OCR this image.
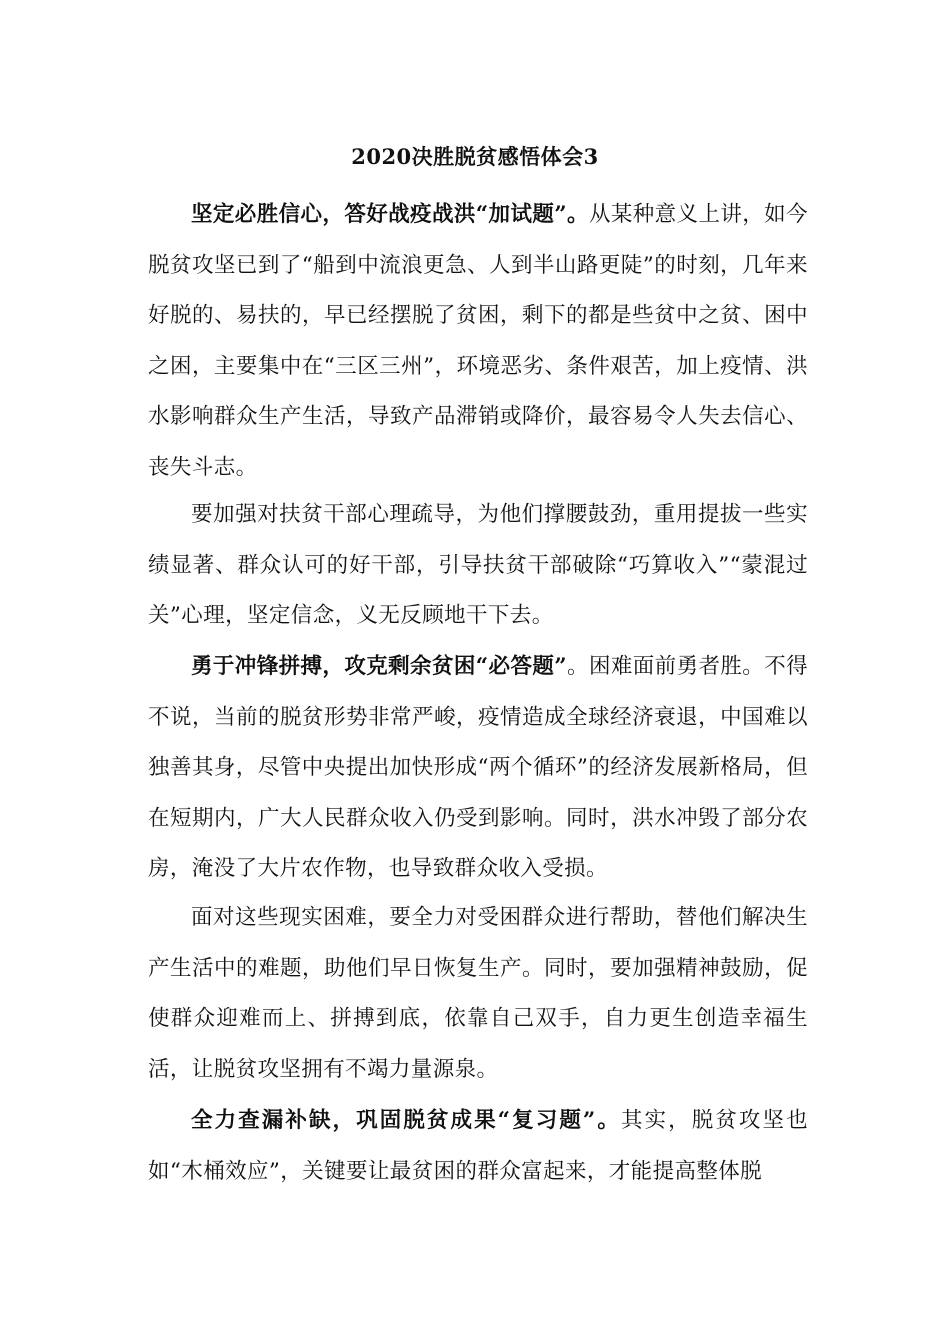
2020决胜脱贫感悟体会3

坚定必胜信心，答好战疫战洪“加试题”。从某种意义上讲，如今脱贫攻坚已到了“船到中流浪更急、人到半山路更陡”的时刻，几年来好脱的、易扶的，早已经摆脱了贫困，剩下的都是些贫中之贫、困中之困，主要集中在“三区三州”，环境恶劣、条件艰苦，加上疫情、洪水影响群众生产生活，导致产品滞销或降价，最容易令人失去信心、丧失斗志。

要加强对扶贫干部心理疏导，为他们撑腰鼓劲，重用提拔一些实绩显著、群众认可的好干部，引导扶贫干部破除“巧算收入”“蒙混过关”心理，坚定信念，义无反顾地干下去。

勇于冲锋拼搏，攻克剩余贫困“必答题”。困难面前勇者胜。不得不说，当前的脱贫形势非常严峻，疫情造成全球经济衰退，中国难以独善其身，尽管中央提出加快形成“两个循环”的经济发展新格局，但在短期内，广大人民群众收入仍受到影响。同时，洪水冲毁了部分农房，淹没了大片农作物，也导致群众收入受损。

面对这些现实困难，要全力对受困群众进行帮助，替他们解决生产生活中的难题，助他们早日恢复生产。同时，要加强精神鼓励，促使群众迎难而上、拼搏到底，依靠自己双手，自力更生创造幸福生活，让脱贫攻坚拥有不竭力量源泉。

全力查漏补缺，巩固脱贫成果“复习题”。其实，脱贫攻坚也如“木桶效应”，关键要让最贫困的群众富起来，才能提高整体脱
